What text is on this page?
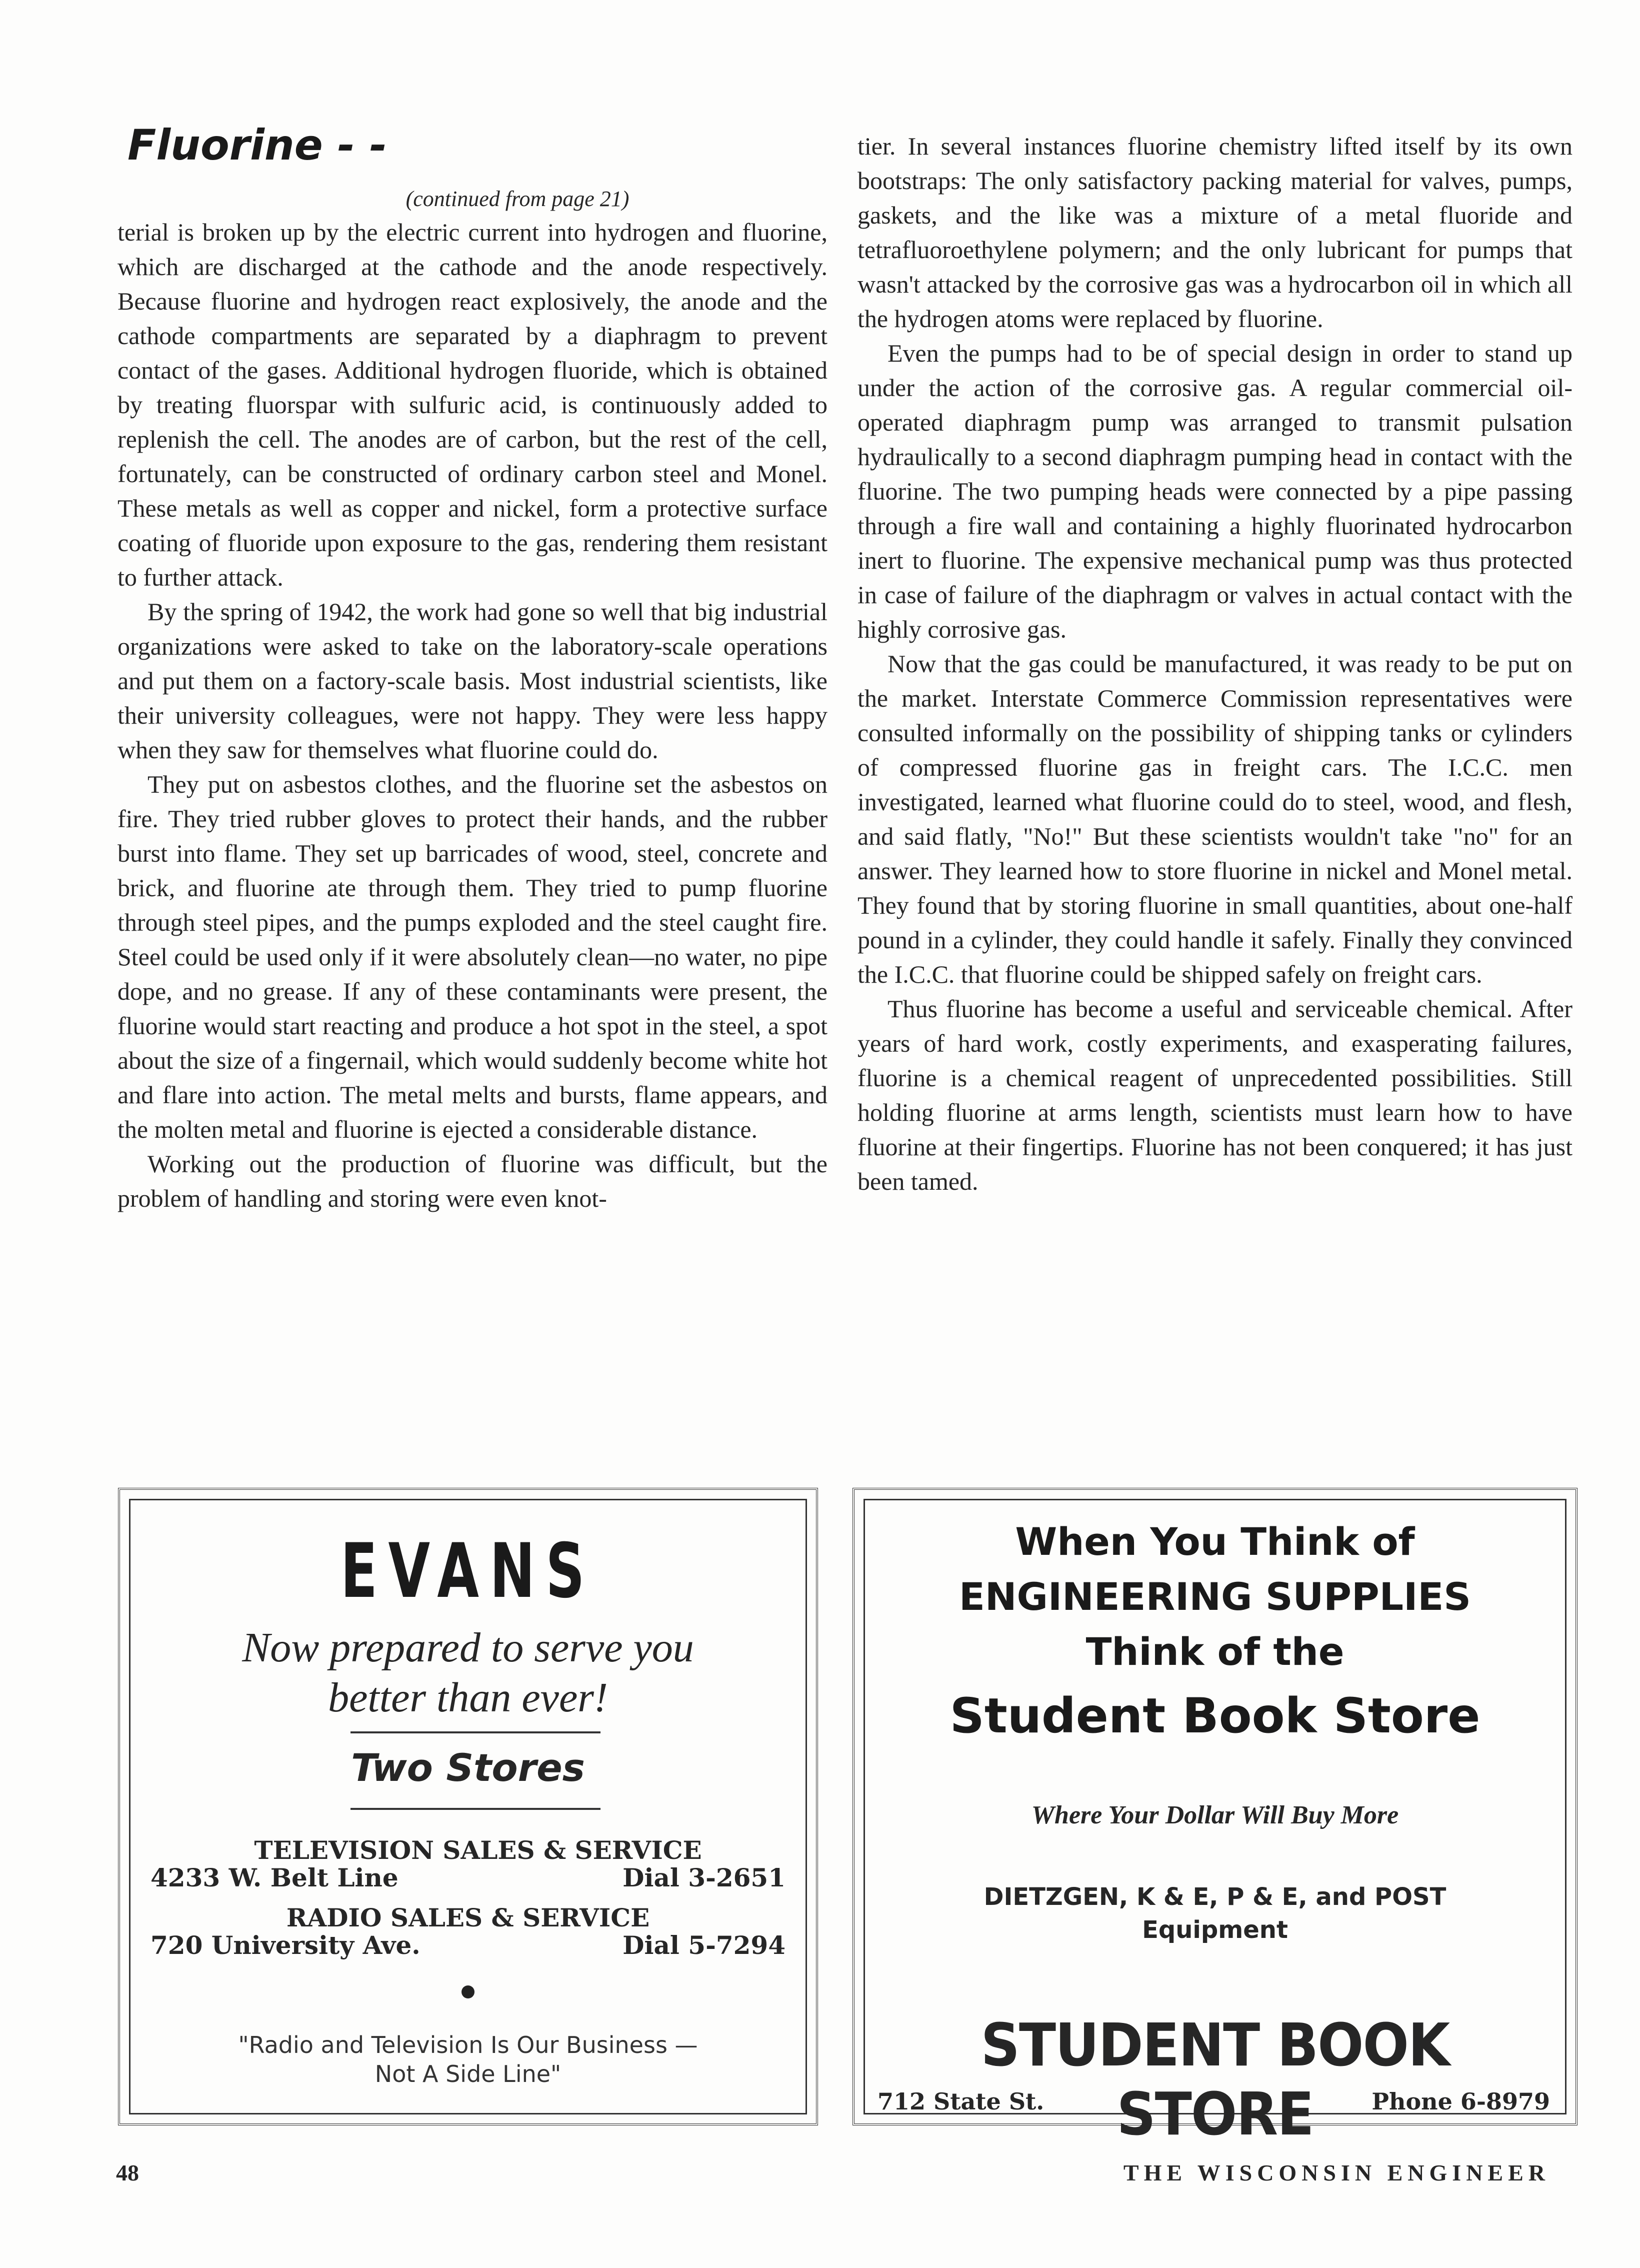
Fluorine - -
(continued from page 21)

terial is broken up by the electric current into hydrogen and fluorine, which are discharged at the cathode and the anode respectively. Because fluorine and hydrogen react explosively, the anode and the cathode compartments are separated by a diaphragm to prevent contact of the gases. Additional hydrogen fluoride, which is obtained by treating fluorspar with sulfuric acid, is continuously added to replenish the cell. The anodes are of carbon, but the rest of the cell, fortunately, can be constructed of ordinary carbon steel and Monel. These metals as well as copper and nickel, form a protective surface coating of fluoride upon exposure to the gas, rendering them resistant to further attack.

By the spring of 1942, the work had gone so well that big industrial organizations were asked to take on the laboratory-scale operations and put them on a factory-scale basis. Most industrial scientists, like their university colleagues, were not happy. They were less happy when they saw for themselves what fluorine could do.

They put on asbestos clothes, and the fluorine set the asbestos on fire. They tried rubber gloves to protect their hands, and the rubber burst into flame. They set up barricades of wood, steel, concrete and brick, and fluorine ate through them. They tried to pump fluorine through steel pipes, and the pumps exploded and the steel caught fire. Steel could be used only if it were absolutely clean—no water, no pipe dope, and no grease. If any of these contaminants were present, the fluorine would start reacting and produce a hot spot in the steel, a spot about the size of a fingernail, which would suddenly become white hot and flare into action. The metal melts and bursts, flame appears, and the molten metal and fluorine is ejected a considerable distance.

Working out the production of fluorine was difficult, but the problem of handling and storing were even knot-

tier. In several instances fluorine chemistry lifted itself by its own bootstraps: The only satisfactory packing material for valves, pumps, gaskets, and the like was a mixture of a metal fluoride and tetrafluoroethylene polymern; and the only lubricant for pumps that wasn't attacked by the corrosive gas was a hydrocarbon oil in which all the hydrogen atoms were replaced by fluorine.

Even the pumps had to be of special design in order to stand up under the action of the corrosive gas. A regular commercial oil-operated diaphragm pump was arranged to transmit pulsation hydraulically to a second diaphragm pumping head in contact with the fluorine. The two pumping heads were connected by a pipe passing through a fire wall and containing a highly fluorinated hydrocarbon inert to fluorine. The expensive mechanical pump was thus protected in case of failure of the diaphragm or valves in actual contact with the highly corrosive gas.

Now that the gas could be manufactured, it was ready to be put on the market. Interstate Commerce Commission representatives were consulted informally on the possibility of shipping tanks or cylinders of compressed fluorine gas in freight cars. The I.C.C. men investigated, learned what fluorine could do to steel, wood, and flesh, and said flatly, "No!" But these scientists wouldn't take "no" for an answer. They learned how to store fluorine in nickel and Monel metal. They found that by storing fluorine in small quantities, about one-half pound in a cylinder, they could handle it safely. Finally they convinced the I.C.C. that fluorine could be shipped safely on freight cars.

Thus fluorine has become a useful and serviceable chemical. After years of hard work, costly experiments, and exasperating failures, fluorine is a chemical reagent of unprecedented possibilities. Still holding fluorine at arms length, scientists must learn how to have fluorine at their fingertips. Fluorine has not been conquered; it has just been tamed.

EVANS
Now prepared to serve you
better than ever!
Two Stores
TELEVISION SALES & SERVICE
4233 W. Belt Line	Dial 3-2651
RADIO SALES & SERVICE
720 University Ave.	Dial 5-7294
"Radio and Television Is Our Business —
Not A Side Line"
When You Think of
ENGINEERING SUPPLIES
Think of the
Student Book Store
Where Your Dollar Will Buy More
DIETZGEN, K & E, P & E, and POST
Equipment
STUDENT BOOK STORE
712 State St.	Phone 6-8979
48	THE WISCONSIN ENGINEER
